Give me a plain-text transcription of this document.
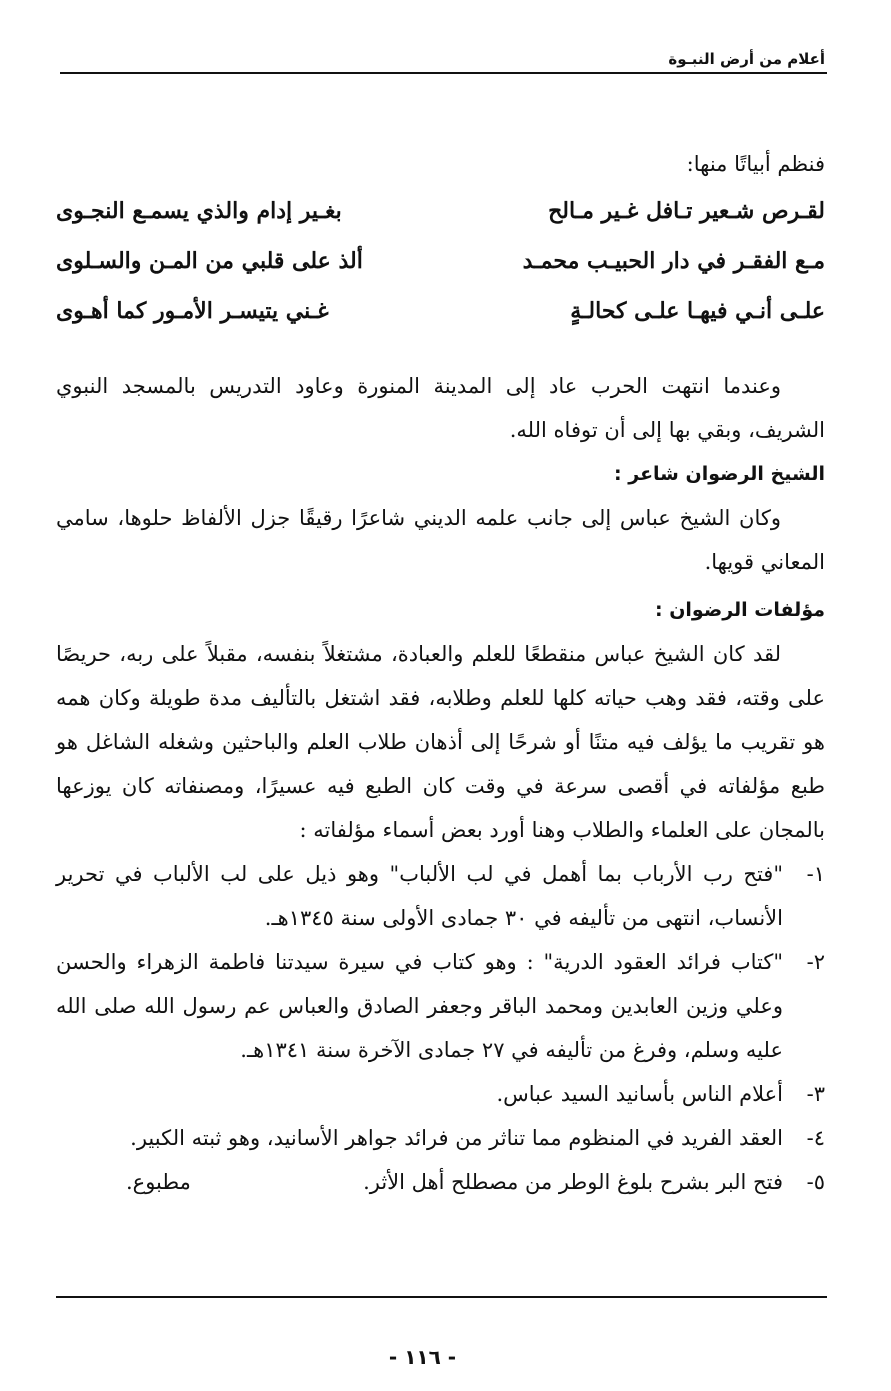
أعلام من أرض النبـوة
فنظم أبياتًا منها:
لقـرص شـعير تـافل غـير مـالح
بغـير إدام والذي يسمـع النجـوى
مـع الفقـر في دار الحبيـب محمـد
ألذ على قلبي من المـن والسـلوى
علـى أنـي فيهـا علـى كحالـةٍ
غـني يتيسـر الأمـور كما أهـوى

وعندما انتهت الحرب عاد إلى المدينة المنورة وعاود التدريس بالمسجد النبوي الشريف، وبقي بها إلى أن توفاه الله.

الشيخ الرضوان شاعر :

وكان الشيخ عباس إلى جانب علمه الديني شاعرًا رقيقًا جزل الألفاظ حلوها، سامي المعاني قويها.

مؤلفات الرضوان :

لقد كان الشيخ عباس منقطعًا للعلم والعبادة، مشتغلاً بنفسه، مقبلاً على ربه، حريصًا على وقته، فقد وهب حياته كلها للعلم وطلابه، فقد اشتغل بالتأليف مدة طويلة وكان همه هو تقريب ما يؤلف فيه متنًا أو شرحًا إلى أذهان طلاب العلم والباحثين وشغله الشاغل هو طبع مؤلفاته في أقصى سرعة في وقت كان الطبع فيه عسيرًا، ومصنفاته كان يوزعها بالمجان على العلماء والطلاب وهنا أورد بعض أسماء مؤلفاته :

١-
"فتح رب الأرباب بما أهمل في لب الألباب" وهو ذيل على لب الألباب في تحرير الأنساب، انتهى من تأليفه في ٣٠ جمادى الأولى سنة ١٣٤٥هـ.
٢-
"كتاب فرائد العقود الدرية" : وهو كتاب في سيرة سيدتنا فاطمة الزهراء والحسن وعلي وزين العابدين ومحمد الباقر وجعفر الصادق والعباس عم رسول الله صلى الله عليه وسلم، وفرغ من تأليفه في ٢٧ جمادى الآخرة سنة ١٣٤١هـ.
٣-
أعلام الناس بأسانيد السيد عباس.
٤-
العقد الفريد في المنظوم مما تناثر من فرائد جواهر الأسانيد، وهو ثبته الكبير.
٥-
فتح البر بشرح بلوغ الوطر من مصطلح أهل الأثر.
مطبوع.
- ١١٦ -
